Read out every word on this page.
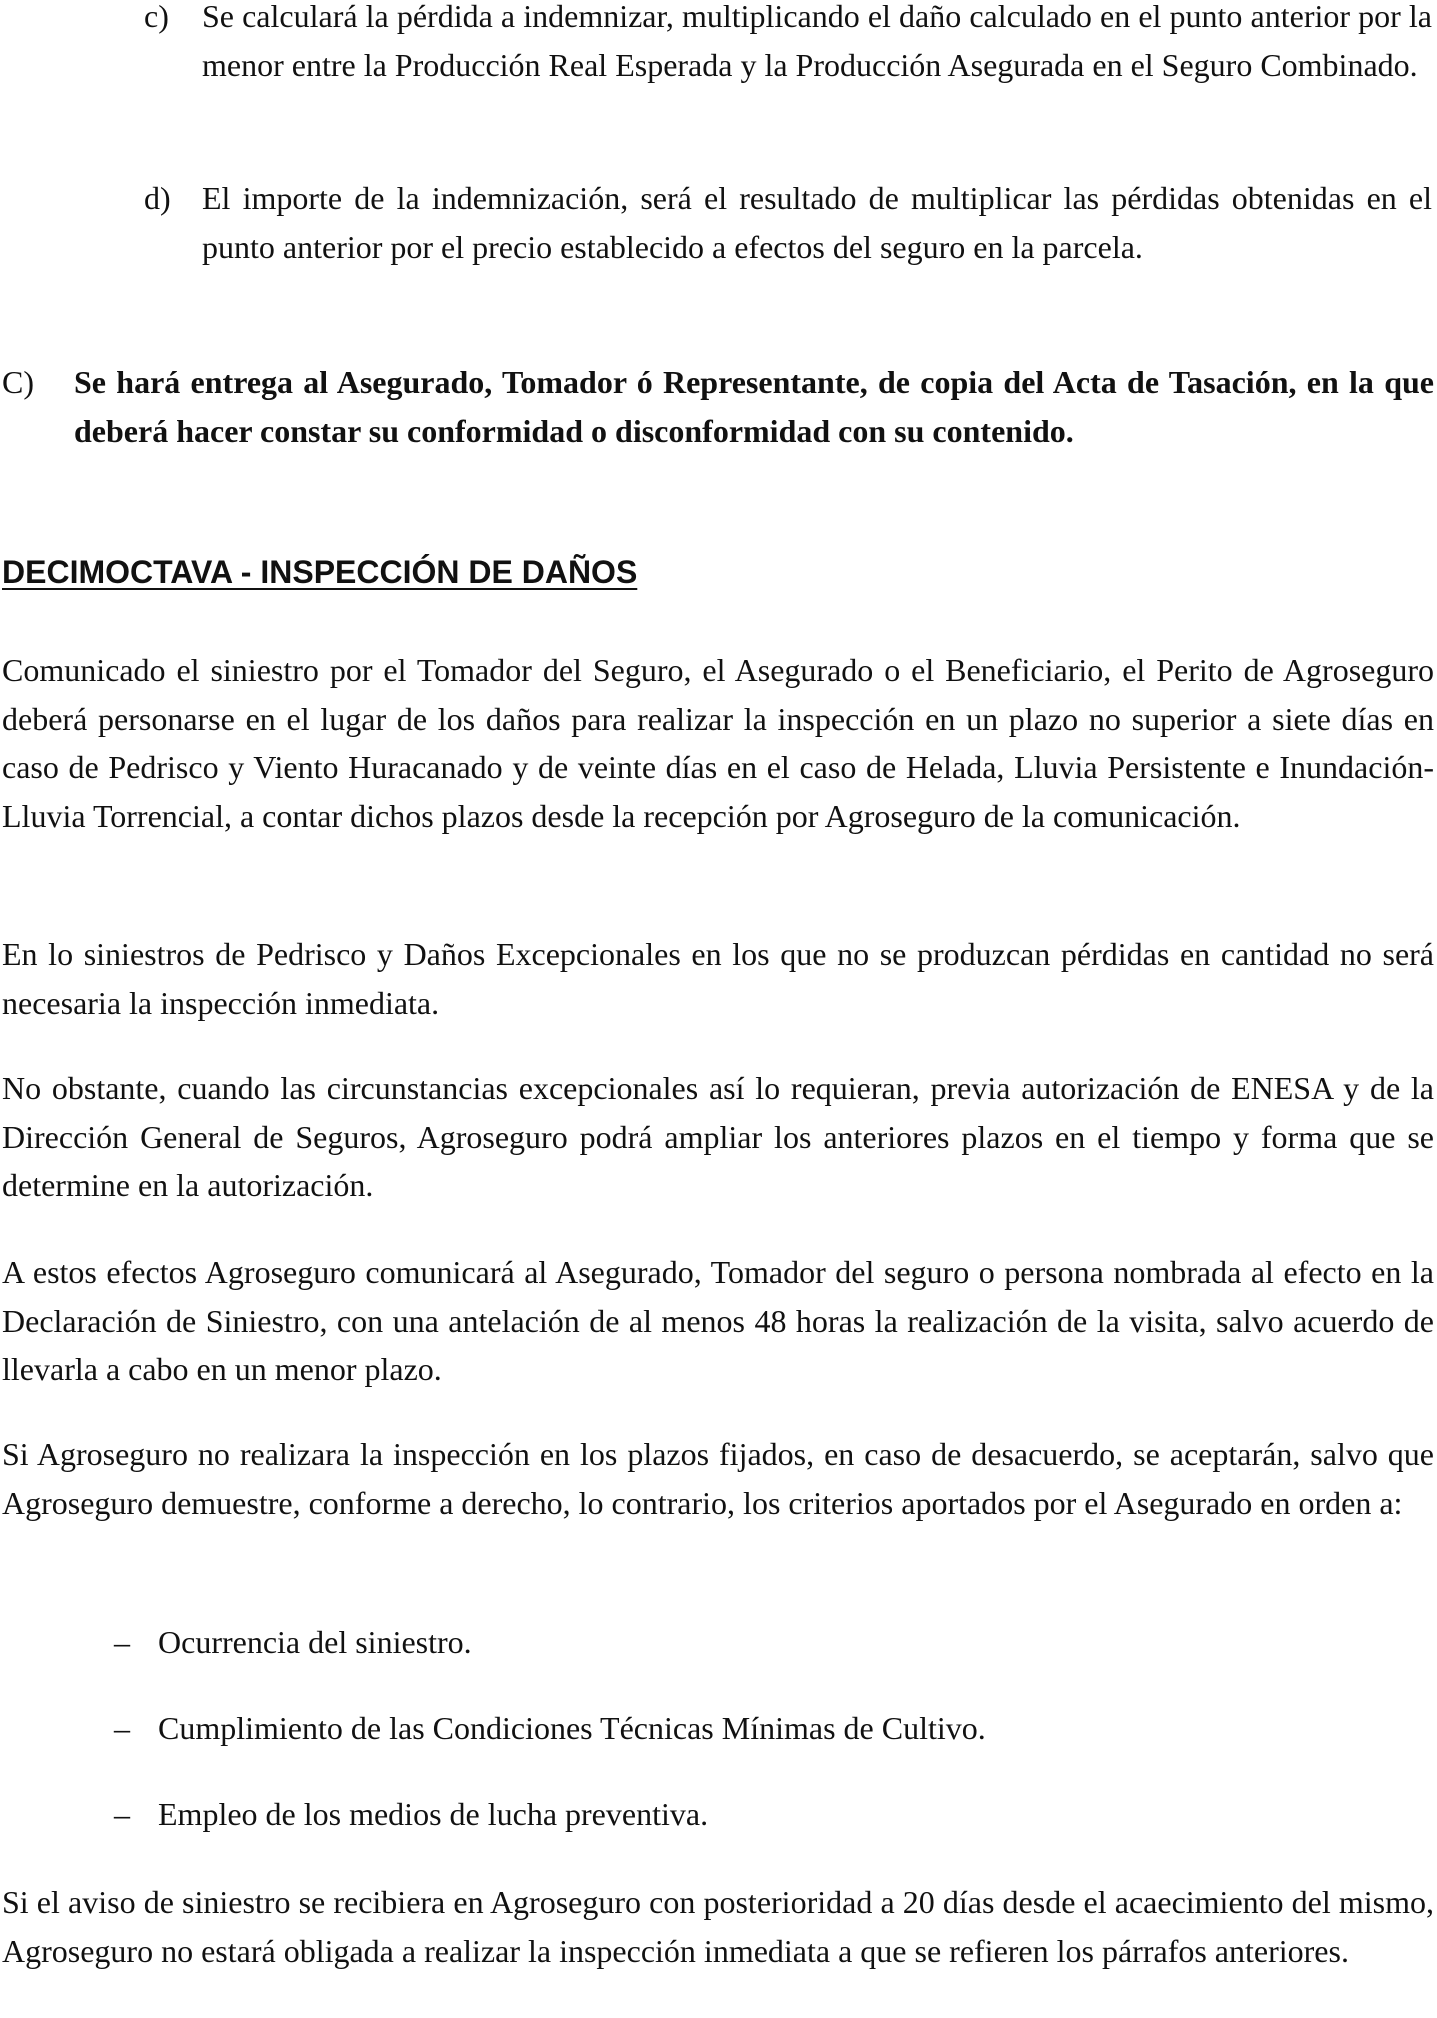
c) Se calculará la pérdida a indemnizar, multiplicando el daño calculado en el punto anterior por la menor entre la Producción Real Esperada y la Producción Asegurada en el Seguro Combinado.
d) El importe de la indemnización, será el resultado de multiplicar las pérdidas obtenidas en el punto anterior por el precio establecido a efectos del seguro en la parcela.
C) Se hará entrega al Asegurado, Tomador ó Representante, de copia del Acta de Tasación, en la que deberá hacer constar su conformidad o disconformidad con su contenido.
DECIMOCTAVA - INSPECCIÓN DE DAÑOS
Comunicado el siniestro por el Tomador del Seguro, el Asegurado o el Beneficiario, el Perito de Agroseguro deberá personarse en el lugar de los daños para realizar la inspección en un plazo no superior a siete días en caso de Pedrisco y Viento Huracanado y de veinte días en el caso de Helada, Lluvia Persistente e Inundación-Lluvia Torrencial, a contar dichos plazos desde la recepción por Agroseguro de la comunicación.
En lo siniestros de Pedrisco y Daños Excepcionales en los que no se produzcan pérdidas en cantidad no será necesaria la inspección inmediata.
No obstante, cuando las circunstancias excepcionales así lo requieran, previa autorización de ENESA y de la Dirección General de Seguros, Agroseguro podrá ampliar los anteriores plazos en el tiempo y forma que se determine en la autorización.
A estos efectos Agroseguro comunicará al Asegurado, Tomador del seguro o persona nombrada al efecto en la Declaración de Siniestro, con una antelación de al menos 48 horas la realización de la visita, salvo acuerdo de llevarla a cabo en un menor plazo.
Si Agroseguro no realizara la inspección en los plazos fijados, en caso de desacuerdo, se aceptarán, salvo que Agroseguro demuestre, conforme a derecho, lo contrario, los criterios aportados por el Asegurado en orden a:
– Ocurrencia del siniestro.
– Cumplimiento de las Condiciones Técnicas Mínimas de Cultivo.
– Empleo de los medios de lucha preventiva.
Si el aviso de siniestro se recibiera en Agroseguro con posterioridad a 20 días desde el acaecimiento del mismo, Agroseguro no estará obligada a realizar la inspección inmediata a que se refieren los párrafos anteriores.
